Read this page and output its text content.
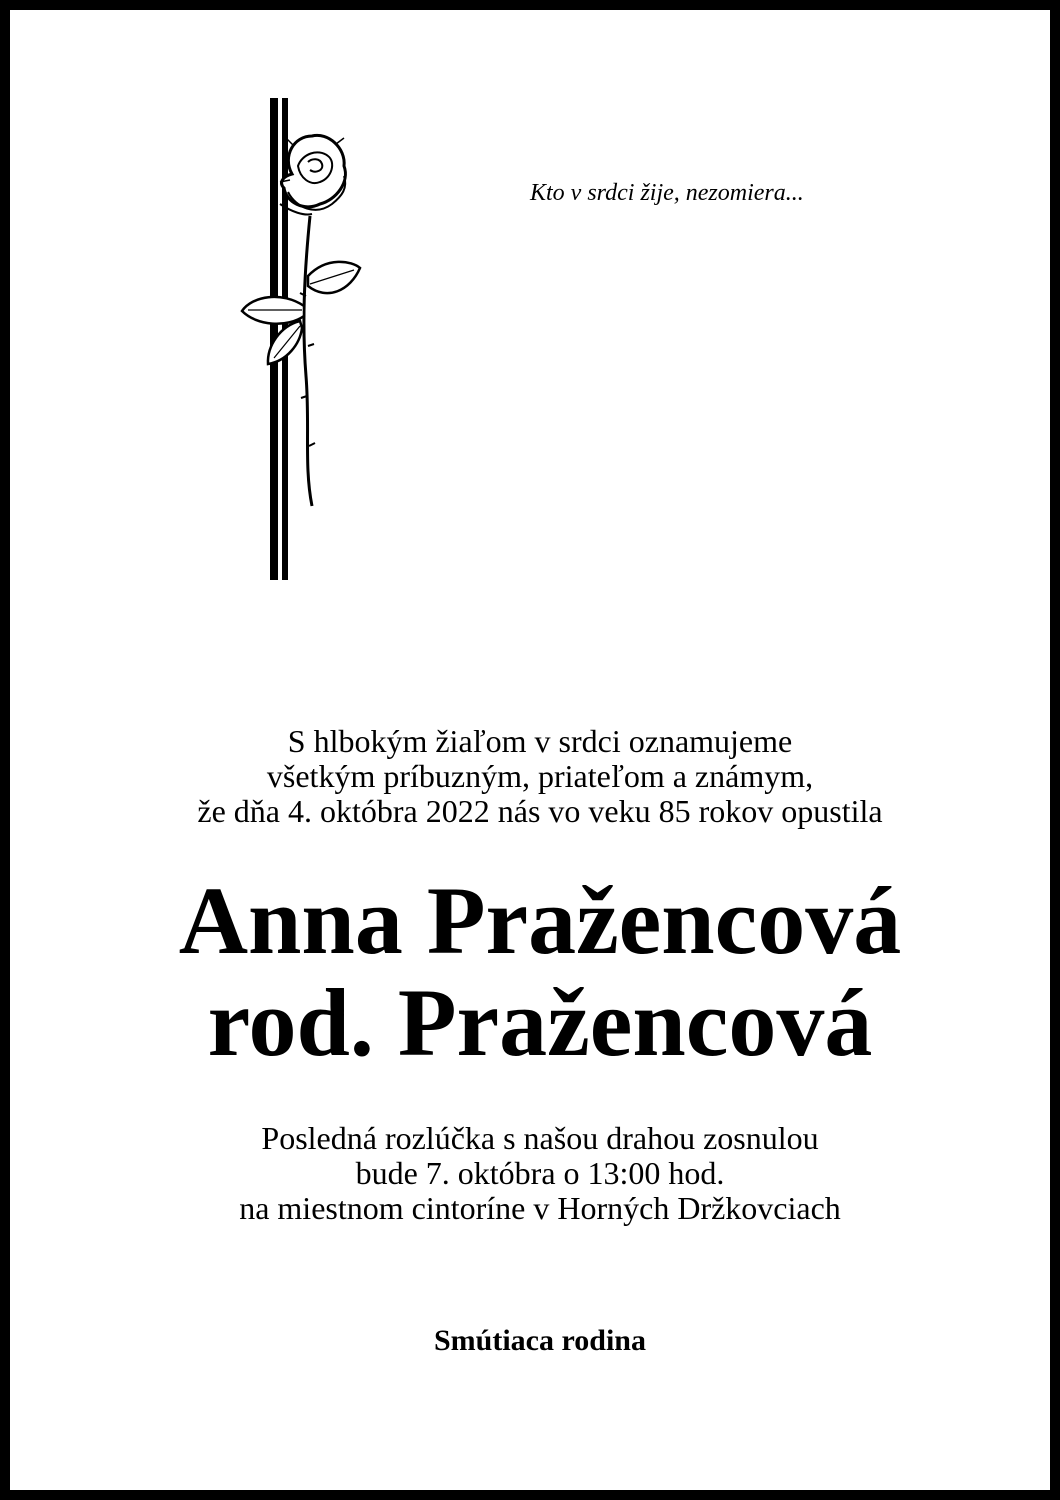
Kto v srdci žije, nezomiera...
S hlbokým žiaľom v srdci oznamujeme
všetkým príbuzným, priateľom a známym,
že dňa 4. októbra 2022 nás vo veku 85 rokov opustila
Anna Pražencová
rod. Pražencová
Posledná rozlúčka s našou drahou zosnulou
bude 7. októbra o 13:00 hod.
na miestnom cintoríne v Horných Držkovciach
Smútiaca rodina
